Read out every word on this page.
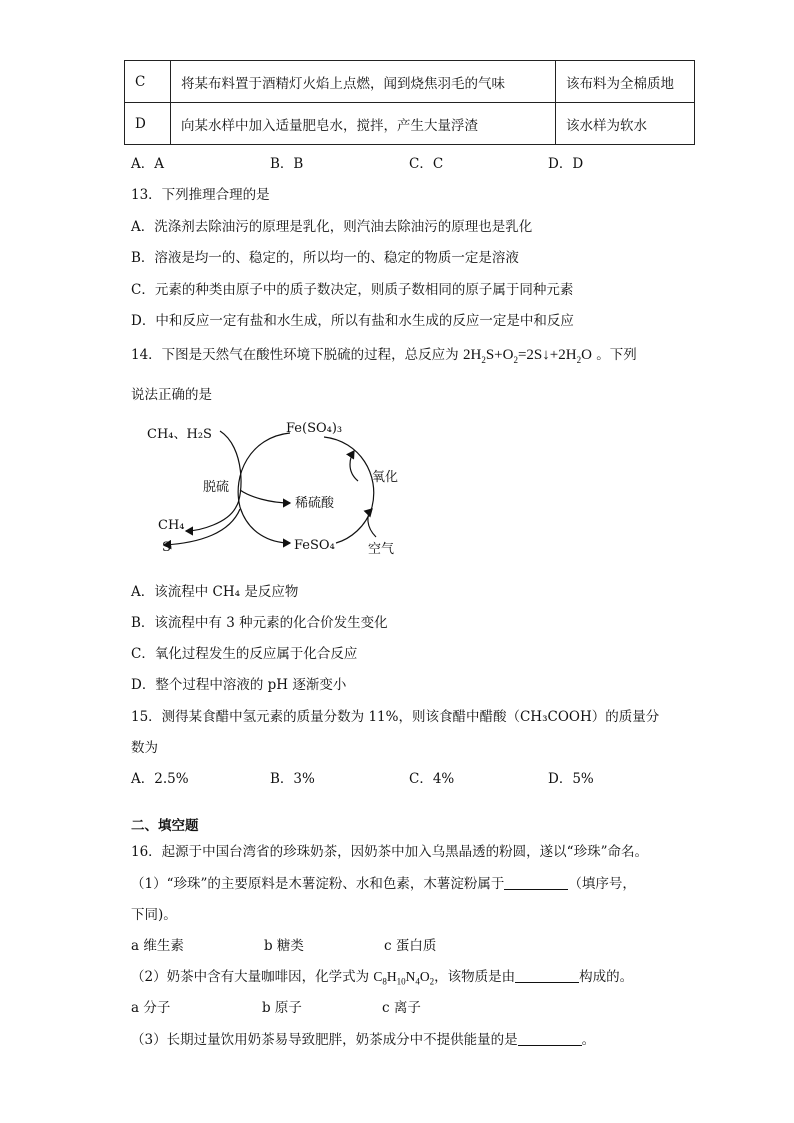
C	将某布料置于酒精灯火焰上点燃，闻到烧焦羽毛的气味	该布料为全棉质地
D	向某水样中加入适量肥皂水，搅拌，产生大量浮渣	该水样为软水
A．A	B．B	C．C	D．D
13．下列推理合理的是
A．洗涤剂去除油污的原理是乳化，则汽油去除油污的原理也是乳化
B．溶液是均一的、稳定的，所以均一的、稳定的物质一定是溶液
C．元素的种类由原子中的质子数决定，则质子数相同的原子属于同种元素
D．中和反应一定有盐和水生成，所以有盐和水生成的反应一定是中和反应
14．下图是天然气在酸性环境下脱硫的过程，总反应为 $2H_2S+O_2=2S↓+2H_2O$ 。下列
说法正确的是
CH₄、H₂S	Fe(SO₄)₃
脱硫
稀硫酸
氧化
CH₄
S	FeSO₄	空气
A．该流程中 CH₄ 是反应物
B．该流程中有 3 种元素的化合价发生变化
C．氧化过程发生的反应属于化合反应
D．整个过程中溶液的 pH 逐渐变小
15．测得某食醋中氢元素的质量分数为 11%，则该食醋中醋酸（CH₃COOH）的质量分
数为
A．2.5%	B．3%	C．4%	D．5%
二、填空题
16．起源于中国台湾省的珍珠奶茶，因奶茶中加入乌黑晶透的粉圆，遂以“珍珠”命名。
（1）“珍珠”的主要原料是木薯淀粉、水和色素，木薯淀粉属于	（填序号，
下同)。
a 维生素	b 糖类	c 蛋白质
（2）奶茶中含有大量咖啡因，化学式为 $C_8H_{10}N_4O_2$，该物质是由	构成的。
a 分子	b 原子	c 离子
（3）长期过量饮用奶茶易导致肥胖，奶茶成分中不提供能量的是	。
